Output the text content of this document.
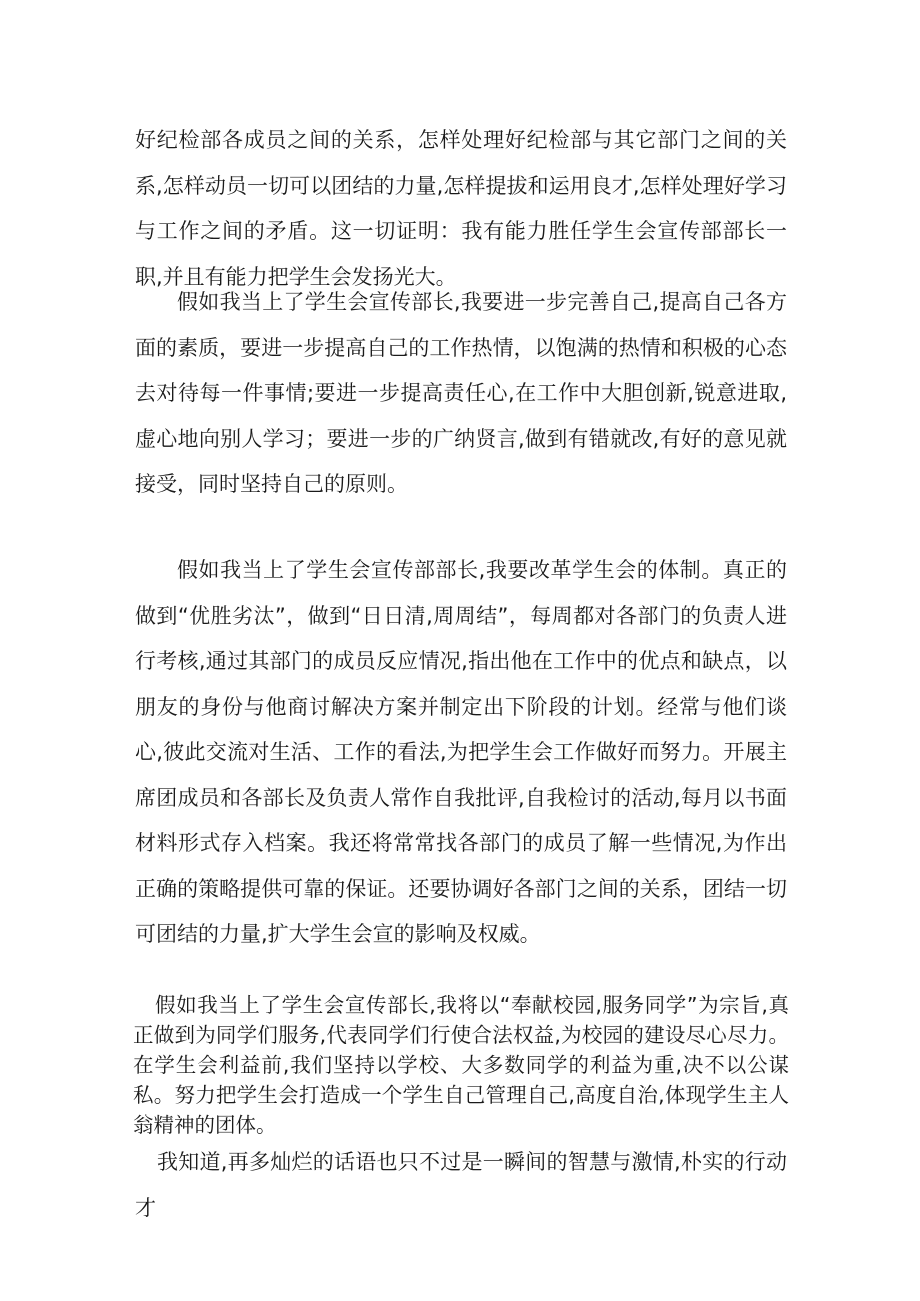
好纪检部各成员之间的关系，怎样处理好纪检部与其它部门之间的关系,怎样动员一切可以团结的力量,怎样提拔和运用良才,怎样处理好学习与工作之间的矛盾。这一切证明：我有能力胜任学生会宣传部部长一职,并且有能力把学生会发扬光大。

假如我当上了学生会宣传部长,我要进一步完善自己,提高自己各方面的素质，要进一步提高自己的工作热情，以饱满的热情和积极的心态去对待每一件事情;要进一步提高责任心,在工作中大胆创新,锐意进取,虚心地向别人学习；要进一步的广纳贤言,做到有错就改,有好的意见就接受，同时坚持自己的原则。

假如我当上了学生会宣传部部长,我要改革学生会的体制。真正的做到“优胜劣汰”，做到“日日清,周周结”，每周都对各部门的负责人进行考核,通过其部门的成员反应情况,指出他在工作中的优点和缺点，以朋友的身份与他商讨解决方案并制定出下阶段的计划。经常与他们谈心,彼此交流对生活、工作的看法,为把学生会工作做好而努力。开展主席团成员和各部长及负责人常作自我批评,自我检讨的活动,每月以书面材料形式存入档案。我还将常常找各部门的成员了解一些情况,为作出正确的策略提供可靠的保证。还要协调好各部门之间的关系，团结一切可团结的力量,扩大学生会宣的影响及权威。

假如我当上了学生会宣传部长,我将以“奉献校园,服务同学”为宗旨,真正做到为同学们服务,代表同学们行使合法权益,为校园的建设尽心尽力。在学生会利益前,我们坚持以学校、大多数同学的利益为重,决不以公谋私。努力把学生会打造成一个学生自己管理自己,高度自治,体现学生主人翁精神的团体。

我知道,再多灿烂的话语也只不过是一瞬间的智慧与激情,朴实的行动才
